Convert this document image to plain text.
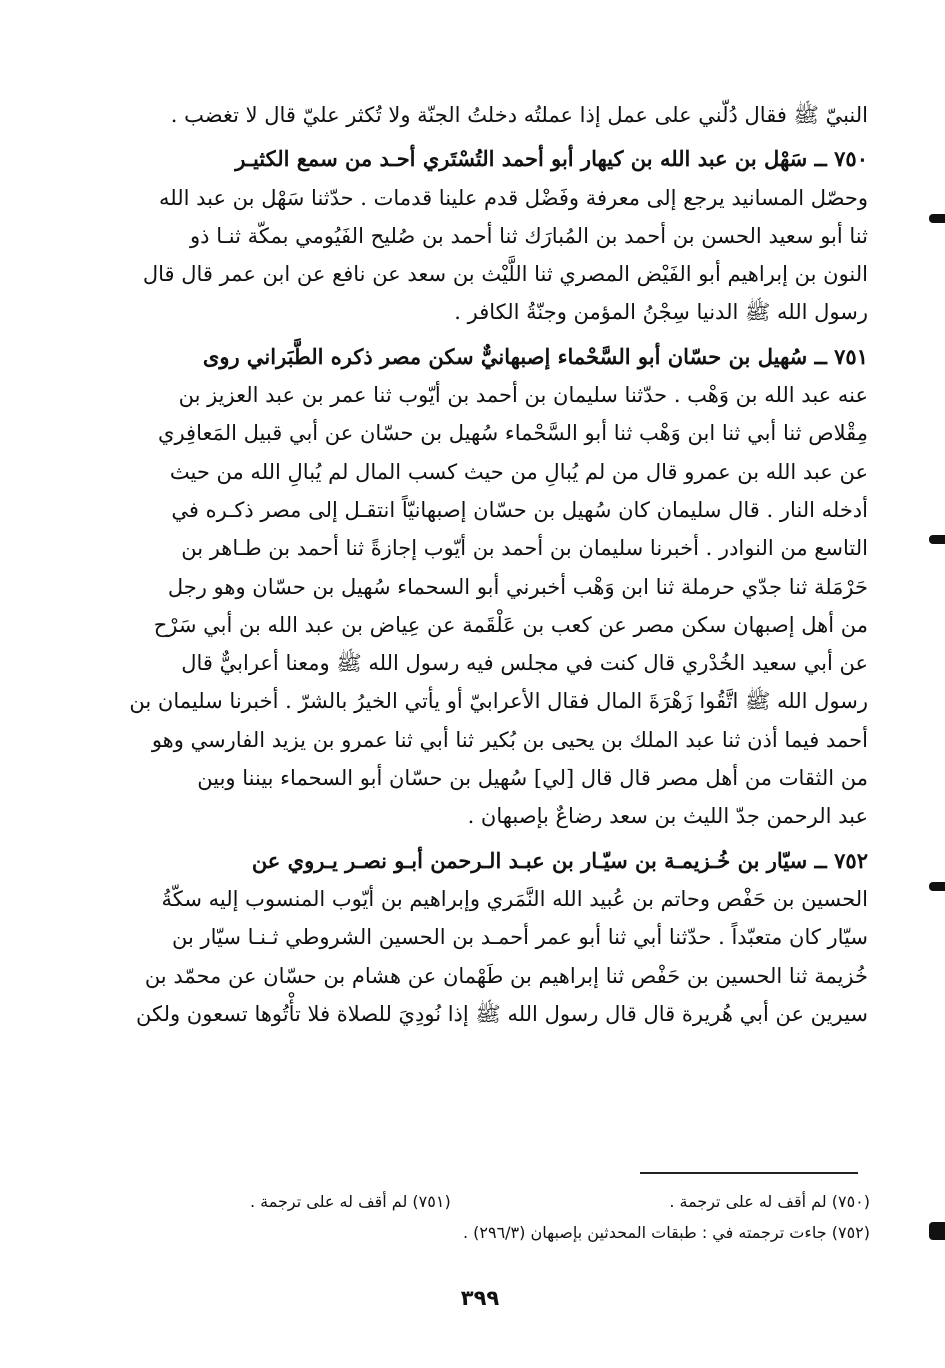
النبيّ ﷺ فقال دُلّني على عمل إذا عملتُه دخلتُ الجنّة ولا تُكثر عليّ قال لا تغضب .
٧٥٠ ــ سَهْل بن عبد الله بن كيهار أبو أحمد التُسْتَري أحـد من سمع الكثيـر
وحصّل المسانيد يرجع إلى معرفة وفَضْل قدم علينا قدمات . حدّثنا سَهْل بن عبد الله
ثنا أبو سعيد الحسن بن أحمد بن المُبارَك ثنا أحمد بن صُليح الفَيُومي بمكّة ثنـا ذو
النون بن إبراهيم أبو الفَيْض المصري ثنا اللَّيْث بن سعد عن نافع عن ابن عمر قال قال
رسول الله ﷺ الدنيا سِجْنُ المؤمن وجنّةُ الكافر .
٧٥١ ــ سُهيل بن حسّان أبو السَّحْماء إصبهانيٌّ سكن مصر ذكره الطَّبَراني روى
عنه عبد الله بن وَهْب . حدّثنا سليمان بن أحمد بن أيّوب ثنا عمر بن عبد العزيز بن
مِقْلاص ثنا أبي ثنا ابن وَهْب ثنا أبو السَّحْماء سُهيل بن حسّان عن أبي قبيل المَعافِري
عن عبد الله بن عمرو قال من لم يُبالِ من حيث كسب المال لم يُبالِ الله من حيث
أدخله النار . قال سليمان كان سُهيل بن حسّان إصبهانيّاً انتقـل إلى مصر ذكـره في
التاسع من النوادر . أخبرنا سليمان بن أحمد بن أيّوب إجازةً ثنا أحمد بن طـاهر بن
حَرْمَلة ثنا جدّي حرملة ثنا ابن وَهْب أخبرني أبو السحماء سُهيل بن حسّان وهو رجل
من أهل إصبهان سكن مصر عن كعب بن عَلْقَمة عن عِياض بن عبد الله بن أبي سَرْح
عن أبي سعيد الخُدْري قال كنت في مجلس فيه رسول الله ﷺ ومعنا أعرابيٌّ قال
رسول الله ﷺ اتَّقُوا زَهْرَةَ المال فقال الأعرابيّ أو يأتي الخيرُ بالشرّ . أخبرنا سليمان بن
أحمد فيما أذن ثنا عبد الملك بن يحيى بن بُكير ثنا أبي ثنا عمرو بن يزيد الفارسي وهو
من الثقات من أهل مصر قال قال [لي] سُهيل بن حسّان أبو السحماء بيننا وبين
عبد الرحمن جدّ الليث بن سعد رضاعٌ بإصبهان .
٧٥٢ ــ سيّار بن خُـزيمـة بن سيّـار بن عبـد الـرحمن أبـو نصـر يـروي عن
الحسين بن حَفْص وحاتم بن عُبيد الله النَّمَري وإبراهيم بن أيّوب المنسوب إليه سكّةُ
سيّار كان متعبّداً . حدّثنا أبي ثنا أبو عمر أحمـد بن الحسين الشروطي ثـنـا سيّار بن
خُزيمة ثنا الحسين بن حَفْص ثنا إبراهيم بن طَهْمان عن هشام بن حسّان عن محمّد بن
سيرين عن أبي هُريرة قال قال رسول الله ﷺ إذا نُودِيَ للصلاة فلا تأْتُوها تسعون ولكن
(٧٥٠) لم أقف له على ترجمة .
(٧٥١) لم أقف له على ترجمة .
(٧٥٢) جاءت ترجمته في : طبقات المحدثين بإصبهان (٢٩٦/٣) .
٣٩٩
